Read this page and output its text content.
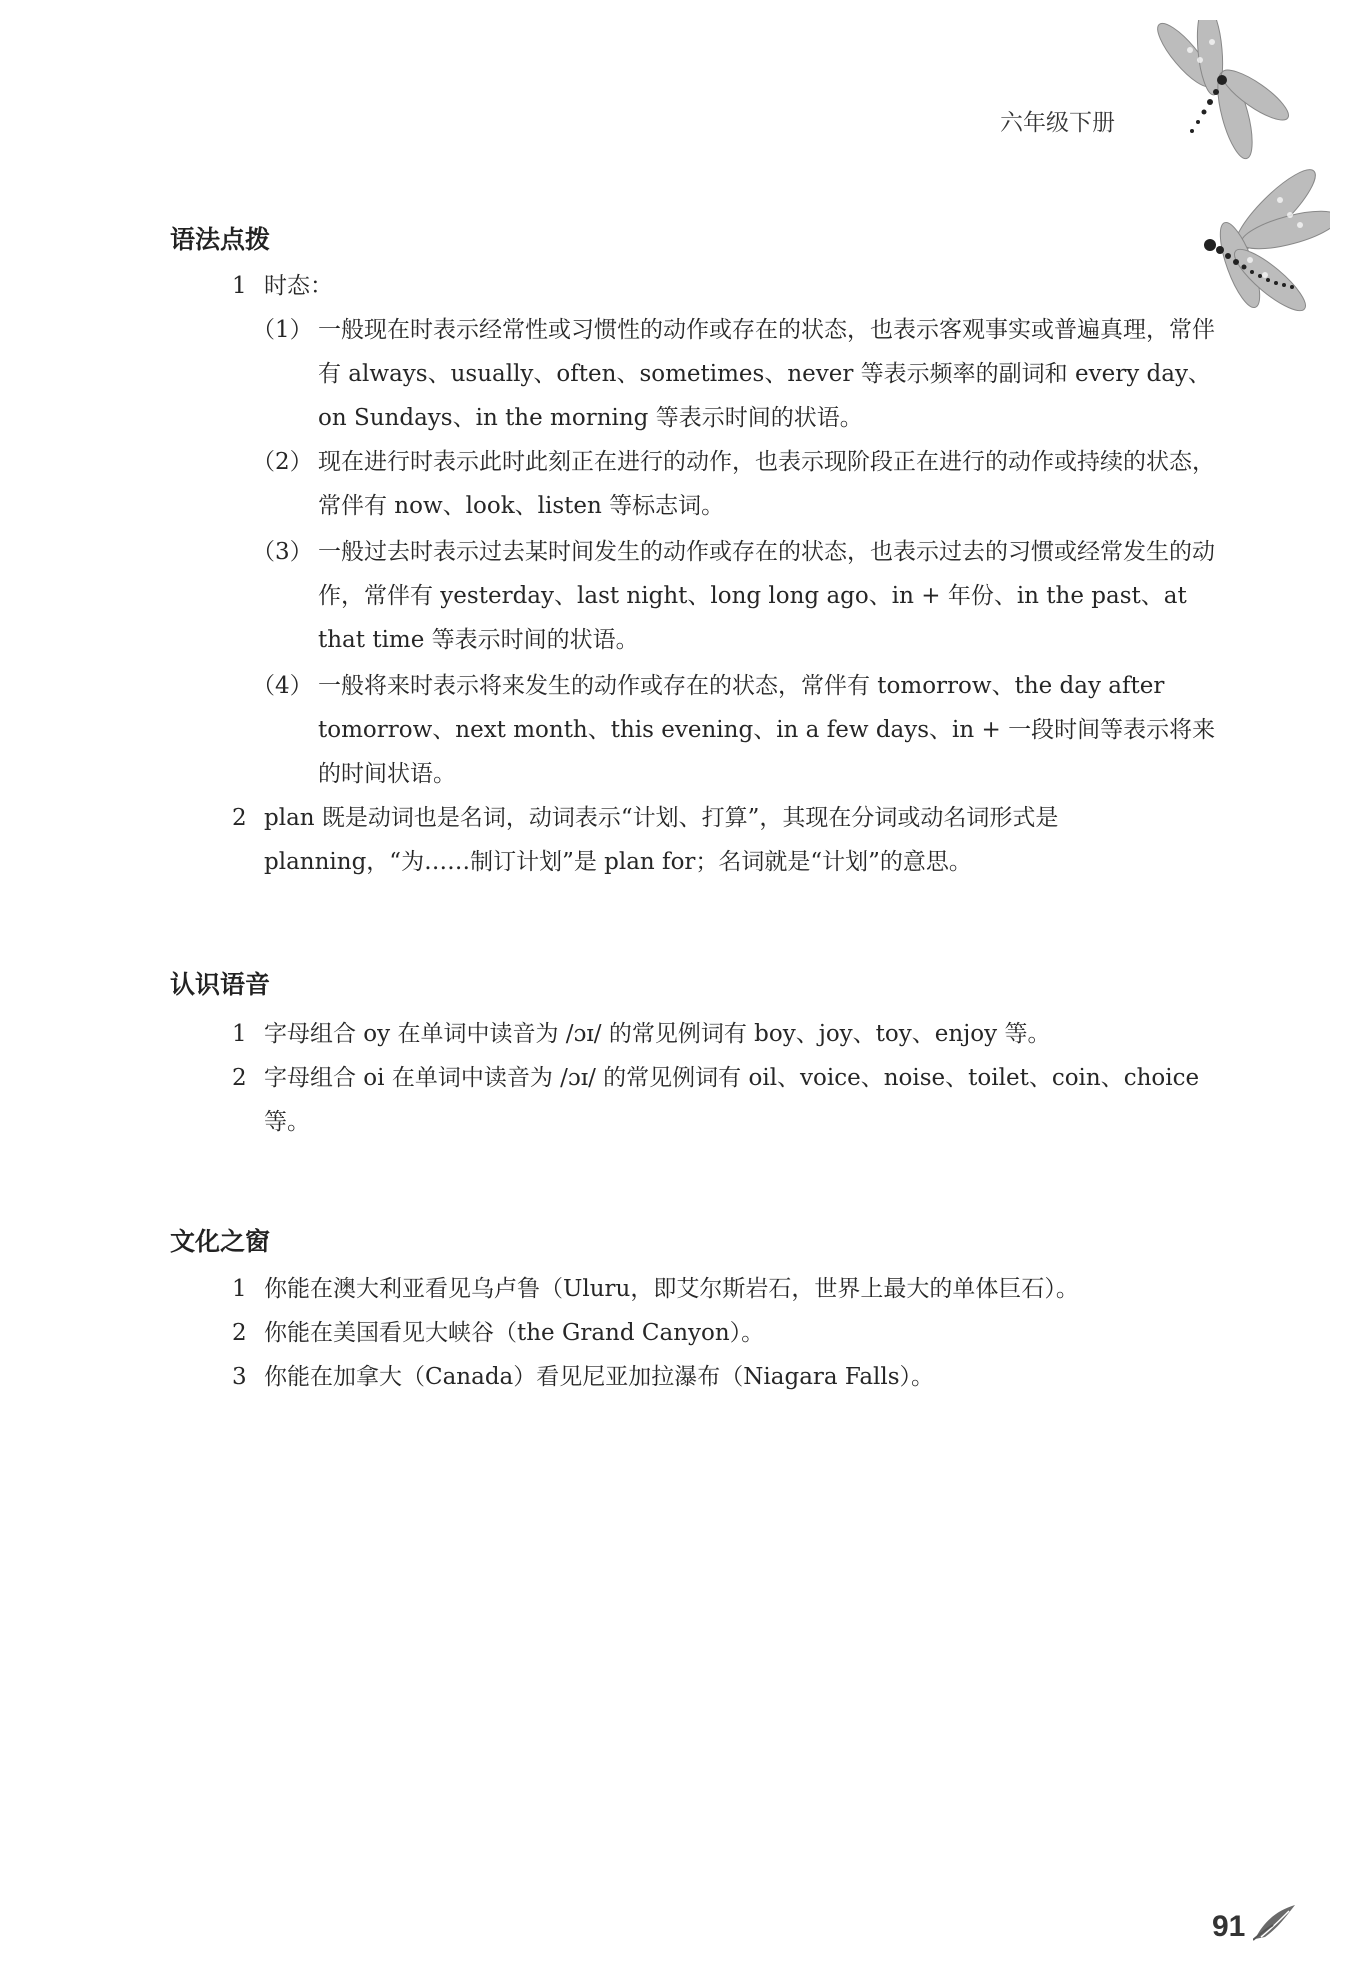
六年级下册
语法点拨
1 时态：

（1） 一般现在时表示经常性或习惯性的动作或存在的状态，也表示客观事实或普遍真理，常伴有 always、usually、often、sometimes、never 等表示频率的副词和 every day、on Sundays、in the morning 等表示时间的状语。

（2） 现在进行时表示此时此刻正在进行的动作，也表示现阶段正在进行的动作或持续的状态，常伴有 now、look、listen 等标志词。

（3） 一般过去时表示过去某时间发生的动作或存在的状态，也表示过去的习惯或经常发生的动作，常伴有 yesterday、last night、long long ago、in + 年份、in the past、at that time 等表示时间的状语。

（4） 一般将来时表示将来发生的动作或存在的状态，常伴有 tomorrow、the day after tomorrow、next month、this evening、in a few days、in + 一段时间等表示将来的时间状语。

2 plan 既是动词也是名词，动词表示“计划、打算”，其现在分词或动名词形式是 planning，“为……制订计划”是 plan for；名词就是“计划”的意思。

认识语音
1 字母组合 oy 在单词中读音为 /ɔɪ/ 的常见例词有 boy、joy、toy、enjoy 等。

2 字母组合 oi 在单词中读音为 /ɔɪ/ 的常见例词有 oil、voice、noise、toilet、coin、choice 等。

文化之窗
1 你能在澳大利亚看见乌卢鲁（Uluru，即艾尔斯岩石，世界上最大的单体巨石）。

2 你能在美国看见大峡谷（the Grand Canyon）。

3 你能在加拿大（Canada）看见尼亚加拉瀑布（Niagara Falls）。

91
